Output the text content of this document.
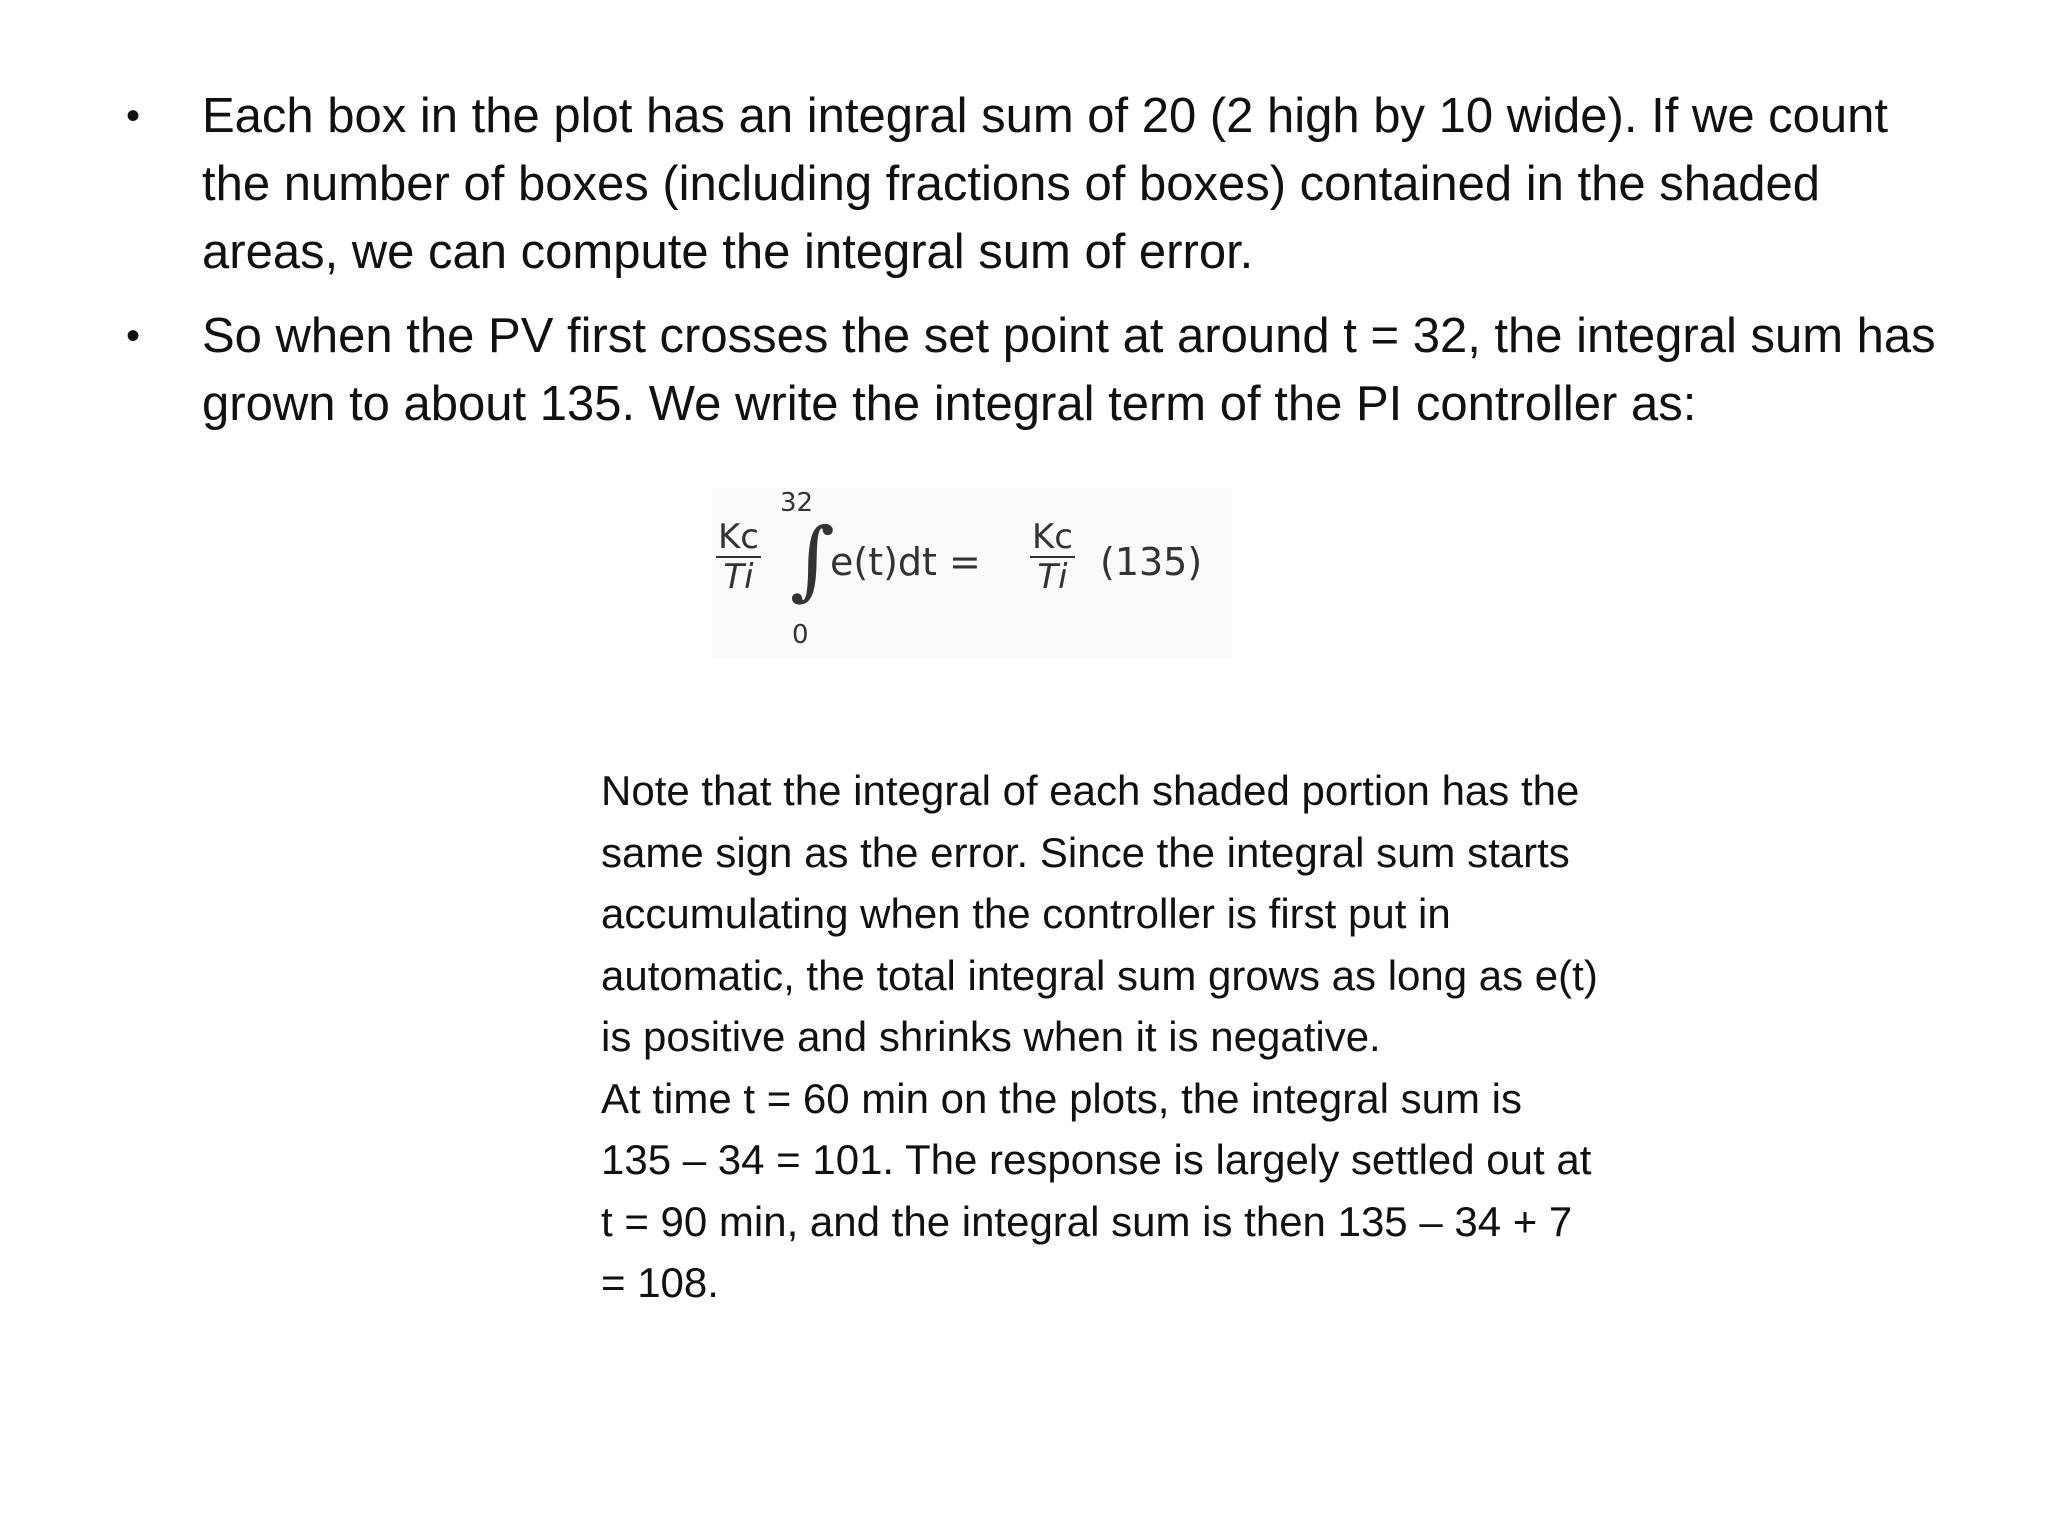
• Each box in the plot has an integral sum of 20 (2 high by 10 wide). If we count the number of boxes (including fractions of boxes) contained in the shaded areas, we can compute the integral sum of error.
• So when the PV first crosses the set point at around t = 32, the integral sum has grown to about 135. We write the integral term of the PI controller as:
$\frac{Kc}{Ti}$
32
∫
0
$e(t)dt = \frac{Kc}{Ti} (135)$

Note that the integral of each shaded portion has the same sign as the error. Since the integral sum starts accumulating when the controller is first put in automatic, the total integral sum grows as long as e(t) is positive and shrinks when it is negative.

At time t = 60 min on the plots, the integral sum is 135 – 34 = 101. The response is largely settled out at t = 90 min, and the integral sum is then 135 – 34 + 7 = 108.
